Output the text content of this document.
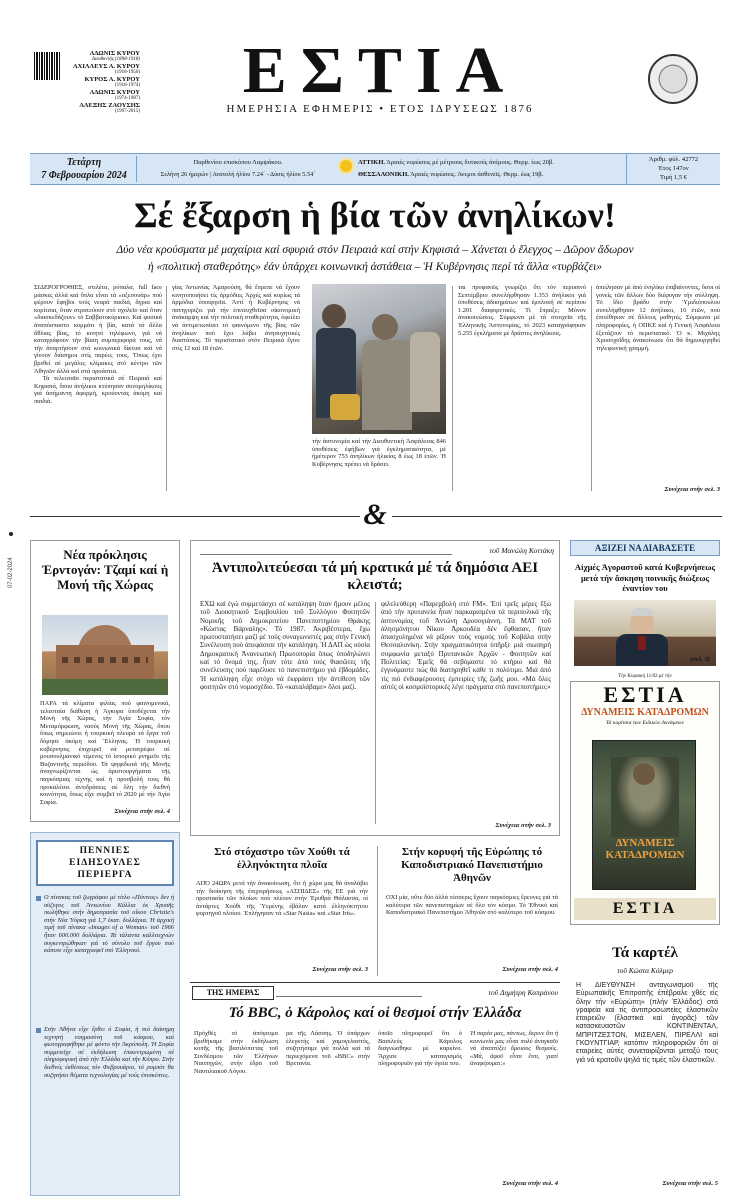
ΑΔΩΝΙΣ ΚΥΡΟΥ
Διευθυντής (1898-1918)
ΑΧΙΛΛΕΥΣ Α. ΚΥΡΟΥ
(1918-1950)
ΚΥΡΟΣ Α. ΚΥΡΟΥ
(1918-1974)
ΑΔΩΝΙΣ ΚΥΡΟΥ
(1974-1987)
ΑΛΕΞΗΣ ΖΑΟΥΣΗΣ
(1997-2015)
ΕΣΤΙΑ
ΗΜΕΡΗΣΙΑ ΕΦΗΜΕΡΙΣ • ΕΤΟΣ ΙΔΡΥΣΕΩΣ 1876
Τετάρτη
7 Φεβρουαρίου 2024
Παρθενίου επισκόπου Λαμψάκου.
Σελήνη 26 ήμερών | Ανατολή ήλίου 7.24΄ - Δύσις ήλίου 5.54΄
ΑΤΤΙΚΗ. Άραιές νεφώσεις μέ μέτριους δυτικούς άνέμους. Θερμ. έως 20β.
ΘΕΣΣΑΛΟΝΙΚΗ. Άραιές νεφώσεις. Άνεμοι άσθενεϊς. Θερμ. έως 19β.
Άριθμ. φύλ. 42772
Έτος 147ον
Τιμή 1,5 €
Σέ ἔξαρση ἡ βία τῶν ἀνηλίκων!
Δύο νέα κρούσματα μέ μαχαίρια καί σφυριά στόν Πειραιά καί στήν Κηφισιά – Χάνεται ὁ ἔλεγχος – Δῶρον ἄδωρον
ἡ «πολιτική σταθερότης» ἐάν ὑπάρχει κοινωνική ἀστάθεια – Ἡ Κυβέρνησις περί τά ἄλλα «τυρβάζει»
ΣΙΔΕΡΟΓΡΟΘΙΕΣ, στιλέτα, ρόπαλα, full face μάσκες ἀλλά καί ὅπλα εἶναι τά «αξεσουάρ» πού φέρουν ἔφηβοι τούς νεαρά παιδιά, ἄγρια καί κορίτσια, ὅταν στρατεύουν στό σχολεῖο καί ὅταν «διασκεδάζουν» τό Σαββατοκύριακο. Καί φυσικά ἀναπόσπαστο κομμάτι ἡ βία, κατά τά ἄλλα ἄθλιας βίας, τό κινητό τηλέφωνο, γιά νά καταγράφουν τήν βίαιη συμπεριφορά τους, νά τήν ἀναρτήσουν στά κοινωνικά δίκτυα καί νά γίνουν διάσημοι στίς παρέες τους. Ὅπως έχει βρεθεί σέ μεγάλες κλίμακες στό κέντρο τῶν Ἀθηνῶν ἀλλά καί στά προάστια.
Τά τελευταῖα περιστατικά σέ Πειραιά καί Κηφισιά, ὅπου ἀνήλικοι κτύπησαν συνομηλίκους γιά ἀσήμαντη ἀφορμή, κρούοντας ἀκόμη καί παιδιά.
γίας Άντωνίας Ἀμαρούση, θά ἔπρεπε νά ἔχουν κινητοποιήσει τίς ἀρμόδιες Ἀρχές καί κυρίως τά ἀρμόδια ὑπουργεῖα. Ἀντί ἡ Κυβέρνησις νά πανηγυρίζει γιά τήν ἐπιτευχθεῖσα οἰκονομική ἀνάκαμψη καί τήν πολιτική σταθερότητα, ὀφείλει νά ἀντιμετωπίσει τό φαινόμενο τῆς βίας τῶν ἀνηλίκων πού ἔχει λάβει ἀνησυχητικές διαστάσεις. Τό περιστατικό στόν Πειραιά ἔγινε στίς 12 καί 18 ἐτῶν.
τήν ἀστυνομία καί τήν Διευθυντική Ἀσφάλειας 846 ὑποθέσεις ἐφήβων γιά ἐγκληματικότητα, μέ ἡμέτερον 753 ἀνηλίκων ἡλικίας 8 έως 18 ἐτῶν. Ἡ Κυβέρνησις πρέπει νά δράσει.
ται προφανῶς γνωρίζει ὅτι τόν περυσινό Σεπτέμβριο συνελήφθησαν 1.353 ἀνήλικοι γιά ὑποθέσεις ἀδικημάτων καί ἐμπλοκή σέ περίπου 1.201 διαφορετικές. Τί ἔπραξε; Μόνον ἀνακοινώσεις. Σύμφωνα μέ τά στοιχεῖα τῆς Ἑλληνικῆς Ἀστυνομίας, τό 2023 καταγράφηκαν 5.255 ἐγκλήματα μέ δράστες ἀνηλίκους.
ἀπείλησαν μέ ἀπό ἐνηλίκο ἐπιβαίνοντες, ὅσοι οἱ γονείς τῶν ἄλλων δύο διέφυγαν τήν σύλληψη. Τό ἴδιο βράδυ στήν Ὑμιδιόπουλου συνελήφθησαν 12 ἀνήλικοι, 16 ἐτῶν, πού ἐπιτέθηκαν σέ ἄλλους μαθητές. Σύμφωνα μέ πληροφορίες, ἡ ΟΠΚΕ καί ἡ Γενική Ἀσφάλεια ἐξετάζουν τό περιστατικό. Ὁ κ. Μιχάλης Χρυσοχοΐδης ἀνακοίνωσε ὅτι θά δημιουργηθεί τηλεφωνική γραμμή.
Συνέχεια στήν σελ. 3
&
07-02-2024
Νέα πρόκλησις Ἐρντογάν: Τζαμί καί ἡ Μονή τῆς Χώρας
ΠΑΡΑ τά κλίματα φιλίας πού φαινομενικά, τελευταία διάθεση ἡ Ἀγκυρα ὑποδέχεται τήν Μονή τῆς Χώρας, τήν Ἀγία Σοφία, τόν Μεταμόρφωση, ναούς Μονή τῆς Χώρας, ὅπου ὅπως σημειώνει ἡ τουρκική πλευρά τά ἔργα τοῦ δόμησε ἀκόμη καί Ἕλληνας. Ἡ τουρκική κυβέρνησις ἐπιχειρεῖ νά μετατρέψει σέ μουσουλμανικό τέμενος τό ἱστορικό μνημεῖο τῆς Βυζαντινῆς περιόδου. Τά ψηφιδωτά τῆς Μονῆς ἀναγνωρίζονται ὡς ἀριστουργήματα τῆς παγκόσμιας τέχνης καί ἡ προσβολή τους θά προκαλέσει ἀντιδράσεις σέ ὅλη τήν διεθνή κοινότητα, ὅπως εἶχε συμβεῖ τό 2020 μέ τήν Ἁγία Σοφία.
Συνέχεια στήν σελ. 4
τοῦ Μανώλη Κοττάκη
Ἀντιπολιτεύεσαι τά μή κρατικά μέ τά δημόσια ΑΕΙ κλειστά;
ΕΧΩ καί ἐγώ συμμετάσχει σέ κατάληψη ὅταν ἤμουν μέλος τοῦ Διοικητικοῦ Συμβουλίου τοῦ Συλλόγου Φοιτητῶν Νομικῆς τοῦ Δημοκριτείου Πανεπιστημίου Θράκης «Κώστας Βάρναλης». Τό 1987. Ἀκριβέστερα, ἔχω πρωτοστατήσει μαζί μέ τούς συναγωνιστές μας στήν Γενική Συνέλευση πού ἀπεφάσισε τήν κατάληψη. Ἡ ΔΑΠ ὡς οὐσία Δημοκρατική Ἀνανεωτική Πρωτοπορία ὅπως ὑποδηλώνει καί τό ὄνομά της, ἦταν τότε ἀπό τούς θιασῶτες τῆς συνέλευσης πού παρέλυσε τό πανεπιστήμιο γιά ἑβδομάδες. Ἡ κατάληψη εἶχε στόχο νά ἐκφράσει τήν ἀντίθεση τῶν φοιτητῶν στό νομοσχέδιο. Τό «καταλάβαμε» ὅλοι μαζί.
φιλελεύθερη «Παρεμβολή στό FM». Ἐπί τρεῖς μέρες ἔξω ἀπό τήν πρυτανεία ἦταν παρκαρισμένα τά περιπολικά τῆς ἀστυνομίας τοῦ Ἀντώνη Δροσογιάννη. Τά ΜΑΤ τοῦ ἀλησμόνητου Νίκου Ἀρκουδέα δέν ἔφθασαν, ἤταν ἀπασχολημένα νά ρίξουν τούς νομούς τοῦ Κοβάλα στήν Θεσσαλονίκη. Στήν πραγματικότητα ὑπῆρξε μιά σιωπηρή συμφωνία μεταξύ Πρυτανικῶν Ἀρχῶν - Φοιτητῶν καί Πολιτείας: Ἐμεῖς θά σεβόμαστε τό κτήριο καί θά ἐγγυόμαστε πώς θά διατηρηθεῖ κάθε τι πολύτιμο. Μιά ἀπό τίς πιό ἐνδιαφέρουσες ἐμπειρίες τῆς ζωῆς μου. «Μά ὅλες αὐτές οἱ κοσμοϊστορικές λέγε πράγματα στό πανεπιστήμιο;»
Συνέχεια στήν σελ. 3
ΑΞΙΖΕΙ ΝΑ ΔΙΑΒΑΣΕΤΕ
Αἰχμές Ἀγοραστοῦ κατά Κυβερνήσεως μετά τήν ἄσκηση ποινικῆς διώξεως ἐναντίον του
(σελ. 3)
Τήν Κυριακή 11/02 μέ τήν
ΕΣΤΙΑ
ΔΥΝΑΜΕΙΣ ΚΑΤΑΔΡΟΜΩΝ
Τά κορίτσια των Ειδικών Δυνάμεων
ΔΥΝΑΜΕΙΣ ΚΑΤΑΔΡΟΜΩΝ
ΕΣΤΙΑ
ΠΕΝΝΙΕΣ ΕΙΔΗΣΟΥΛΕΣ ΠΕΡΙΕΡΓΑ
Ο πίνακας τοῦ ζωγράφου μέ τίτλο «Πόντιος» δεν ἡ σύζυγος τοῦ Ἀντωνίου Κόλλια ἐκ Χρυσῆς πωλήθηκε στήν δημοπρασία τοῦ οἴκου Christie's στήν Νέα Ὑόρκη γιά 1,7 ἑκατ. δολλάρια. Ἡ ἀρχική τιμή τοῦ πίνακα «Images of a Woman» τοῦ 1966 ἦταν 600.000 δολλάρια. Τά τάλαντα καλλιτεχνών συγκεντρώθηκαν γιά τό σύνολο τοῦ ἔργου πού κάποτε εἶχε καταγραφεῖ στό Ἑλληνικό.
Στήν Ἀθήνα εἶχε ἔρθει ὁ Σοφία, ἡ πιό διάσημη τεχνητή νοημοσύνη τοῦ κόσμου, καί φωτογραφήθηκε μέ φόντο τήν Ἀκρόπολη. Ἡ Σοφία συμμετεῖχε σέ ἐκδήλωση ἐπικεντρωμένη σέ πληροφορική ἀπό τήν Ἑλλάδα καί τήν Κύπρο. Στήν διεθνές ἐκθέσεως τόν Φεβρουάριο, τό ρομπότ θα συζητήσει θέματα τεχνολογίας μέ τούς ἐπισκέπτες.
Στό στόχαστρο τῶν Χούθι τά ἑλληνόκτητα πλοῖα
ΑΠΌ 24ΩΡΑ μετά τήν ἀνακοίνωση, ὅτι ἡ χώρα μας θά ἀναλάβει τήν διοίκηση τῆς ἐπιχειρήσεως «ΑΣΠΙΔΕΣ» τῆς ΕΕ γιά τήν προστασία τῶν πλοίων πού πλέουν στήν Ἐρυθρά Θάλασσα, οἱ ἀντάρτες Χούθι τῆς Ὑεμένης ἐβάλαν κατά ἑλληνόκτητου φορτηγοῦ πλοίου. Ἐπλήγησαν τά «Star Nasia» καί «Star Iris».
Συνέχεια στήν σελ. 3
Στήν κορυφή τῆς Εὐρώπης τό Καποδιστριακό Πανεπιστήμιο Ἀθηνῶν
ΟΧΙ μία, οὔτε δύο ἀλλά τέσσερις ἔχουν παγκόσμιες ἔρευνες γιά τά καλύτερα τῶν πανεπιστημίων σέ ὅλο τόν κόσμο. Τό Ἐθνικό καί Καποδιστριακό Πανεπιστήμιο Ἀθηνῶν στό καλύτερο τοῦ κόσμου.
Συνέχεια στήν σελ. 4
ΤΗΣ ΗΜΕΡΑΣ	τοῦ Δημήτρη Καπράνου
Τό BBC, ὁ Κάρολος καί οἱ θεσμοί στήν Ἑλλάδα
Πρόχθές τό άπόγευμα βρεθήκαμε στήν ἐκδήλωση κοπῆς τῆς βασιλόπιττας τοῦ Συνδέσμου τῶν Ἑλλήνων Ναυπηγῶν, στήν ἑδρα τοῦ Ναυτιλιακοῦ Λόγου.
ρα τῆς Λάσσης. Ὁ ὑπάρχων ἐλεγκτής καί χαμογελαστός, συζητήσαμε γιά πολλά καί τά περιεχόμενα τοῦ «BBC» στήν Βρετανία.
ὁποῖο πληροφορεῖ ὅτι ὁ Βασιλεύς Κάρολος διαγνώσθηκε μέ καρκίνο. Ἄρχισε καταιγισμός πληροφοριῶν γιά τήν ὑγεία του.
Ἡ παρέα μας, πάντως, ἔκρινε ὅτι ἡ κοινωνία μας εἶναι πολύ ἀναγκαῖο νά ἀναπτύξει ὅμοιους θεσμούς. «Μά, ἀφοῦ εἶναι ἔτσι, γιατί ἀναφέρομαι;»
Συνέχεια στήν σελ. 4
Τά καρτέλ
τοῦ Κώστα Κόλμερ
Η ΔΙΕΥΘΥΝΣΗ ἀνταγωνισμοῦ τῆς Εὐρωπαϊκῆς Ἐπιτροπῆς ἐπέβραλε χθές εἰς ὅλην τήν «Εὐρώπη» (πλήν Ἑλλάδος) στά γραφεία καί τίς ἀντιπροσωπείες ἐλαστικῶν ἑταιρειῶν (ἕλαστικά καί ἀγορᾶς) τῶν κατασκευαστῶν ΚΟΝΤΙΝΕΝΤΑΛ, ΜΠΡΙΤΖΕΣΤΟΝ, ΜΙΣΕΛΕΝ, ΠΙΡΕΛΛΙ καί ΓΚΟΥΝΤΓΙΑΡ, κατόπιν πληροφοριῶν ὅτι οἱ εταιρείες αὐτές συνεταιρίζονται μεταξύ τους γιά νά κρατοῦν ψηλά τίς τιμές τῶν ἐλαστικῶν.
Συνέχεια στήν σελ. 5
